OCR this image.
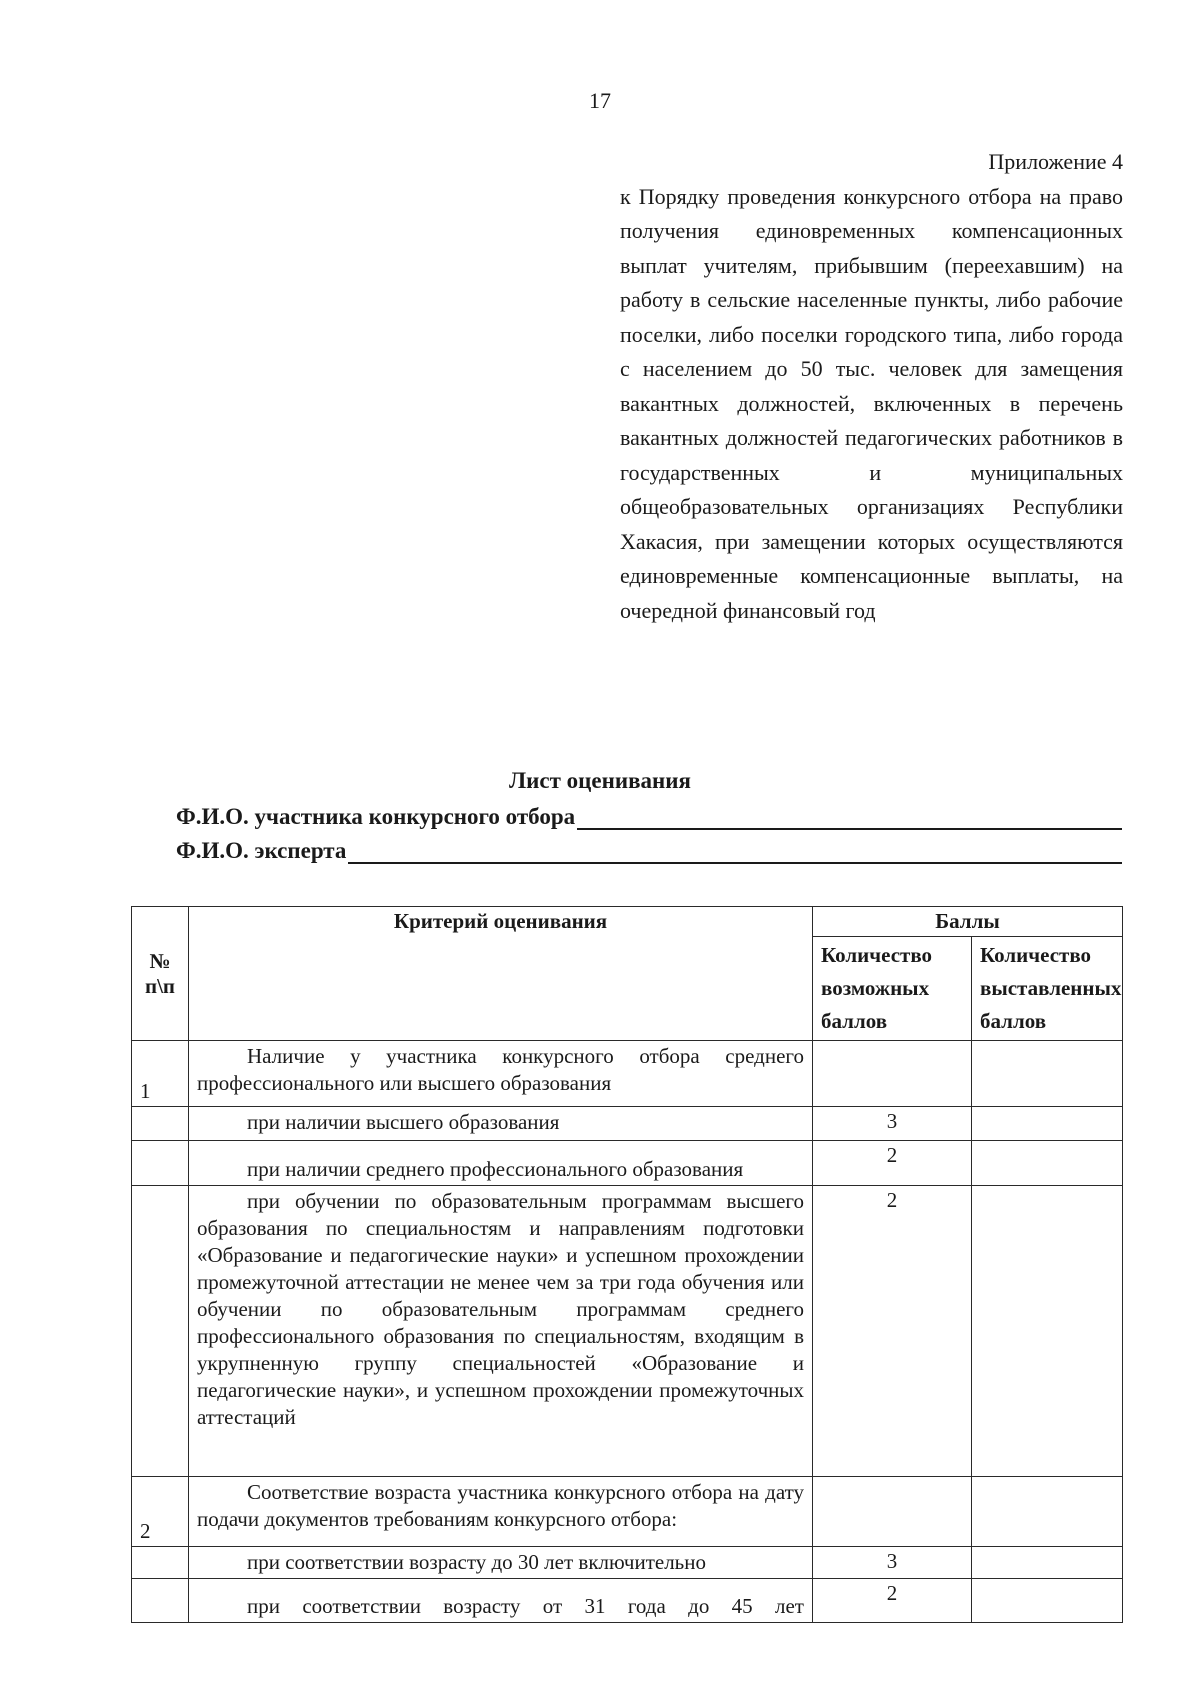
17
Приложение 4
к Порядку проведения конкурсного отбора на право получения единовременных компенсационных выплат учителям, прибывшим (переехавшим) на работу в сельские населенные пункты, либо рабочие поселки, либо поселки городского типа, либо города с населением до 50 тыс. человек для замещения вакантных должностей, включенных в перечень вакантных должностей педагогических работников в государственных и муниципальных общеобразовательных организациях Республики Хакасия, при замещении которых осуществляются единовременные компенсационные выплаты, на очередной финансовый год
Лист оценивания
Ф.И.О. участника конкурсного отбора
Ф.И.О. эксперта
№ п\п	Критерий оценивания	Баллы	
		Количество возможных баллов	Количество выставленных баллов
1	Наличие у участника конкурсного отбора среднего профессионального или высшего образования		
	при наличии высшего образования	3	
	при наличии среднего профессионального образования	2	
	при обучении по образовательным программам высшего образования по специальностям и направлениям подготовки «Образование и педагогические науки» и успешном прохождении промежуточной аттестации не менее чем за три года обучения или обучении по образовательным программам среднего профессионального образования по специальностям, входящим в укрупненную группу специальностей «Образование и педагогические науки», и успешном прохождении промежуточных аттестаций	2	
2	Соответствие возраста участника конкурсного отбора на дату подачи документов требованиям конкурсного отбора:		
	при соответствии возрасту до 30 лет включительно	3	
	при соответствии возрасту от 31 года до 45 лет	2	
